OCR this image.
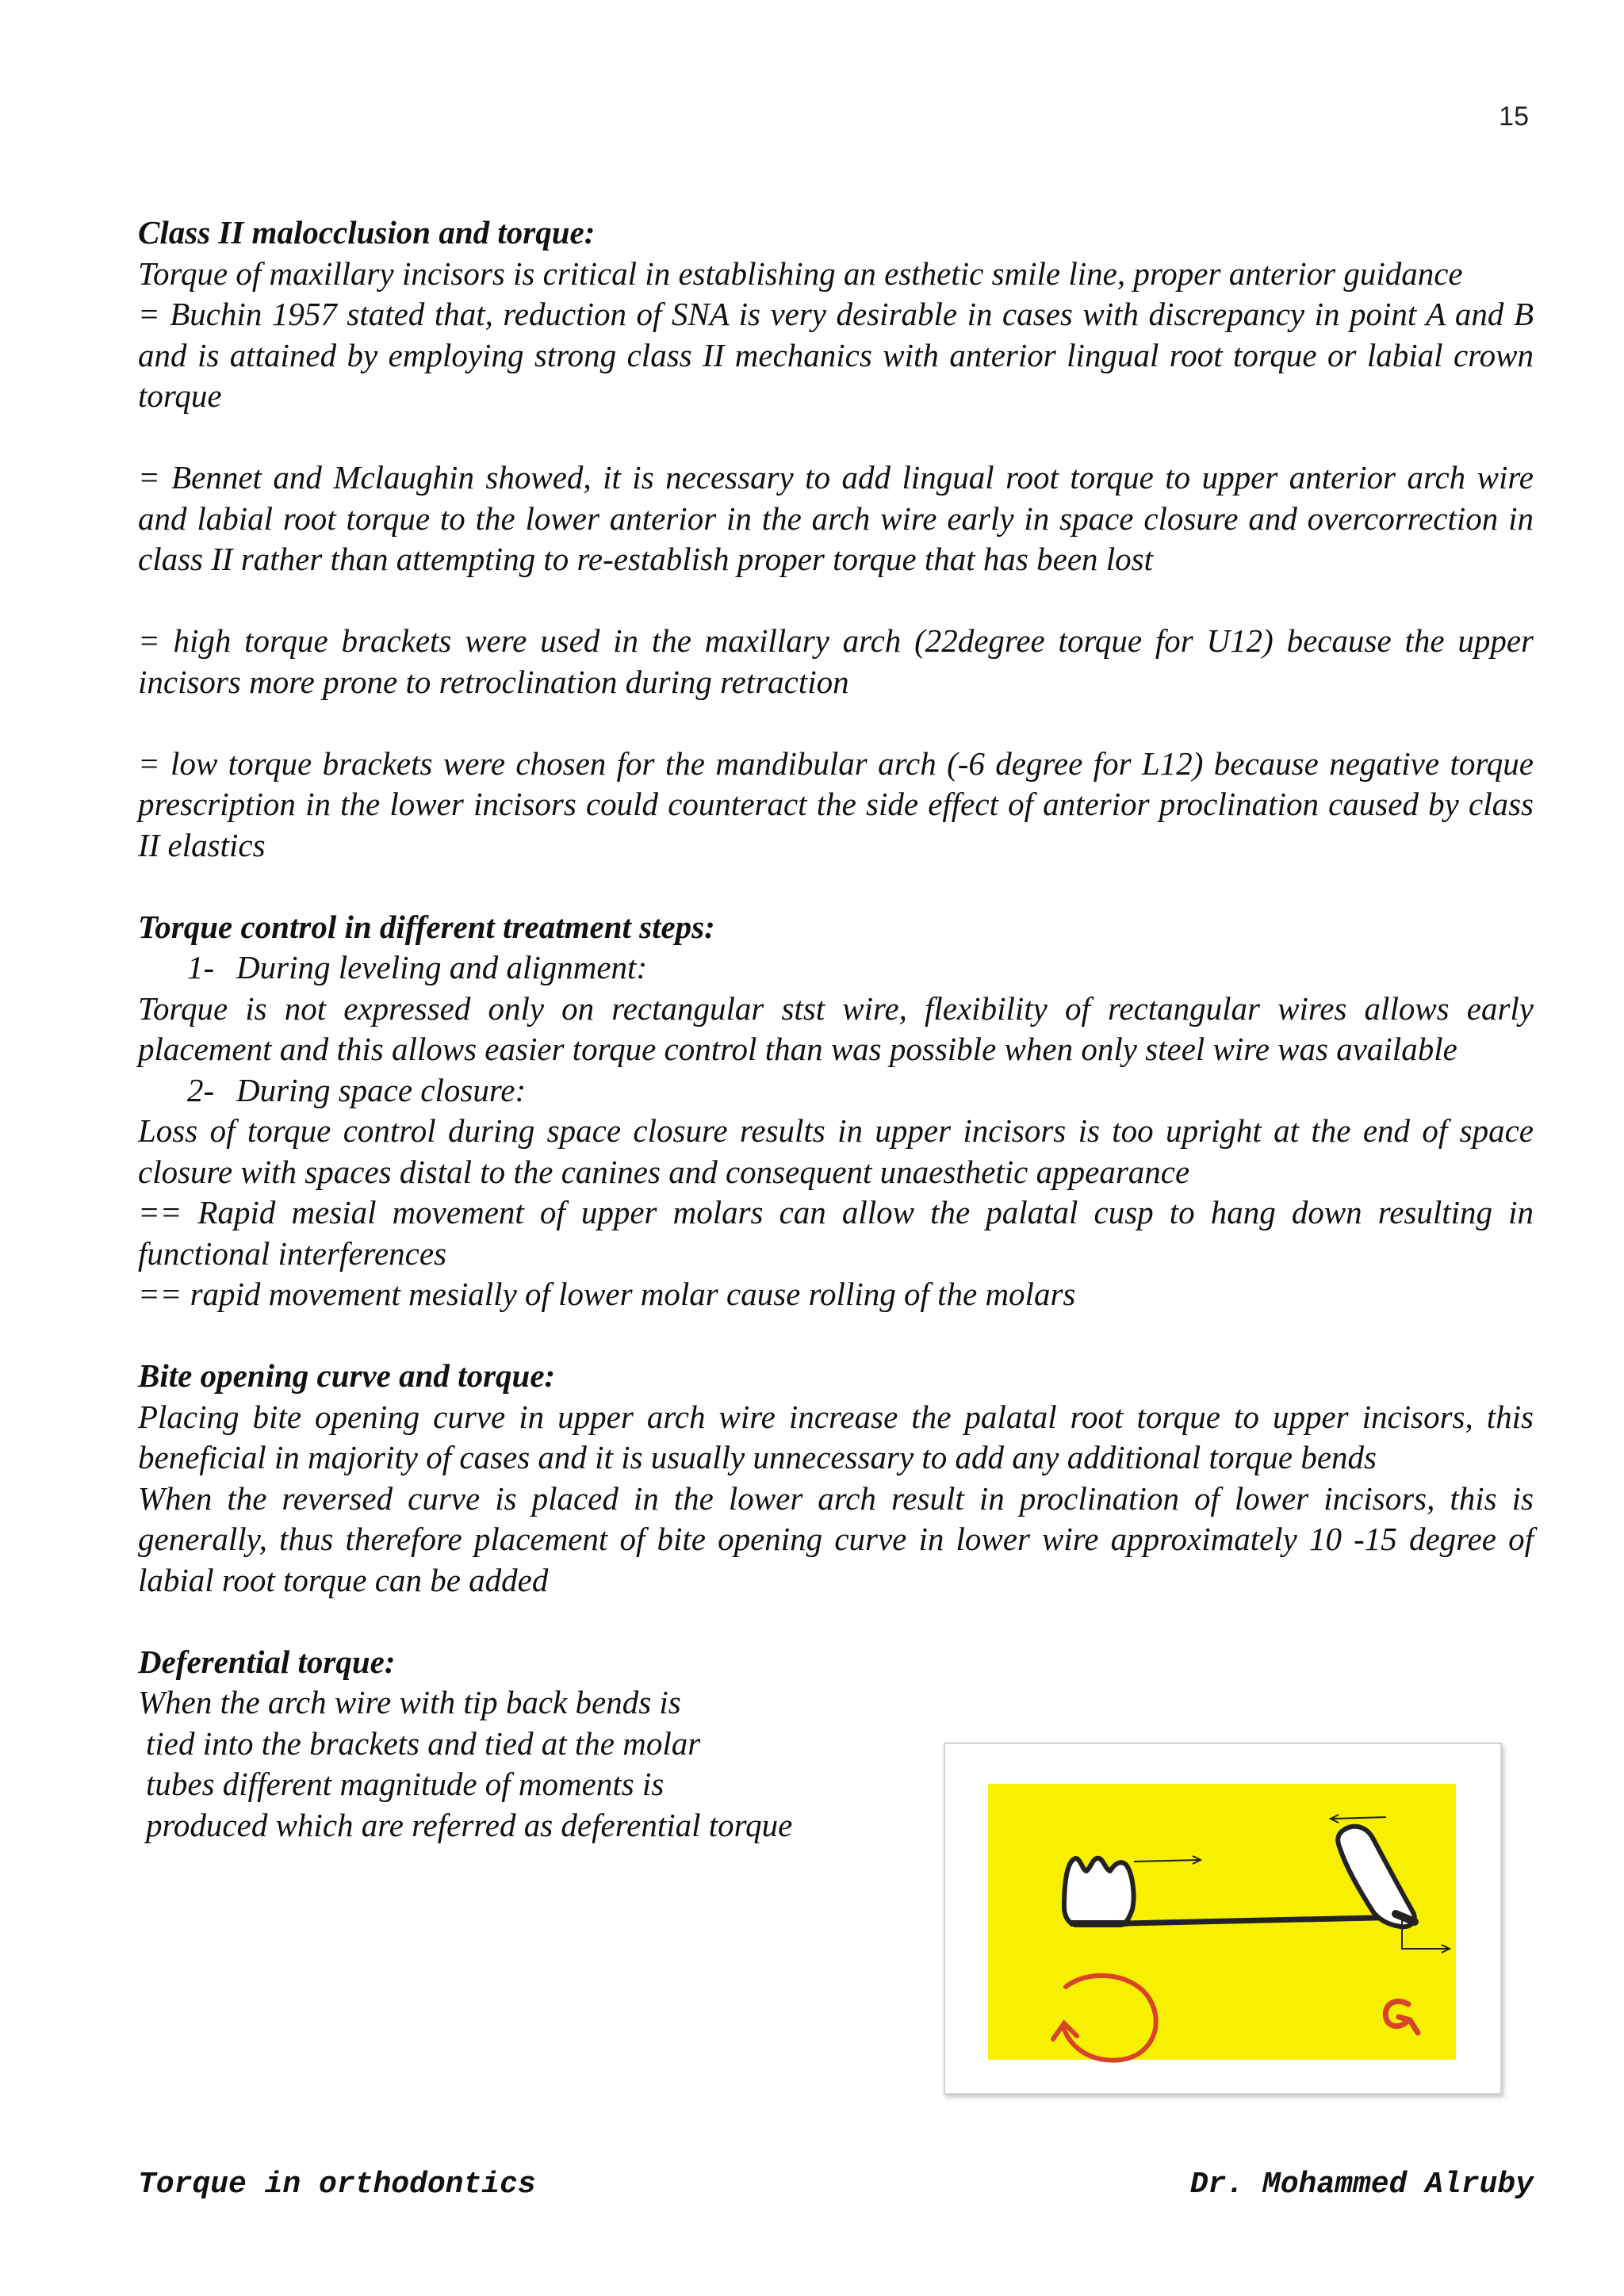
15

Class II malocclusion and torque:

Torque of maxillary incisors is critical in establishing an esthetic smile line, proper anterior guidance

= Buchin 1957 stated that, reduction of SNA is very desirable in cases with discrepancy in point A and B and is attained by employing strong class II mechanics with anterior lingual root torque or labial crown torque

= Bennet and Mclaughin showed, it is necessary to add lingual root torque to upper anterior arch wire and labial root torque to the lower anterior in the arch wire early in space closure and overcorrection in class II rather than attempting to re-establish proper torque that has been lost

= high torque brackets were used in the maxillary arch (22degree torque for U12) because the upper incisors more prone to retroclination during retraction

= low torque brackets were chosen for the mandibular arch (-6 degree for L12) because negative torque prescription in the lower incisors could counteract the side effect of anterior proclination caused by class II elastics

Torque control in different treatment steps:

1- During leveling and alignment:

Torque is not expressed only on rectangular stst wire, flexibility of rectangular wires allows early placement and this allows easier torque control than was possible when only steel wire was available

2- During space closure:

Loss of torque control during space closure results in upper incisors is too upright at the end of space closure with spaces distal to the canines and consequent unaesthetic appearance

== Rapid mesial movement of upper molars can allow the palatal cusp to hang down resulting in functional interferences

== rapid movement mesially of lower molar cause rolling of the molars

Bite opening curve and torque:

Placing bite opening curve in upper arch wire increase the palatal root torque to upper incisors, this beneficial in majority of cases and it is usually unnecessary to add any additional torque bends

When the reversed curve is placed in the lower arch result in proclination of lower incisors, this is generally, thus therefore placement of bite opening curve in lower wire approximately 10 -15 degree of labial root torque can be added

Deferential torque:

When the arch wire with tip back bends is

tied into the brackets and tied at the molar

tubes different magnitude of moments is

produced which are referred as deferential torque

Torque in orthodontics	Dr. Mohammed Alruby
